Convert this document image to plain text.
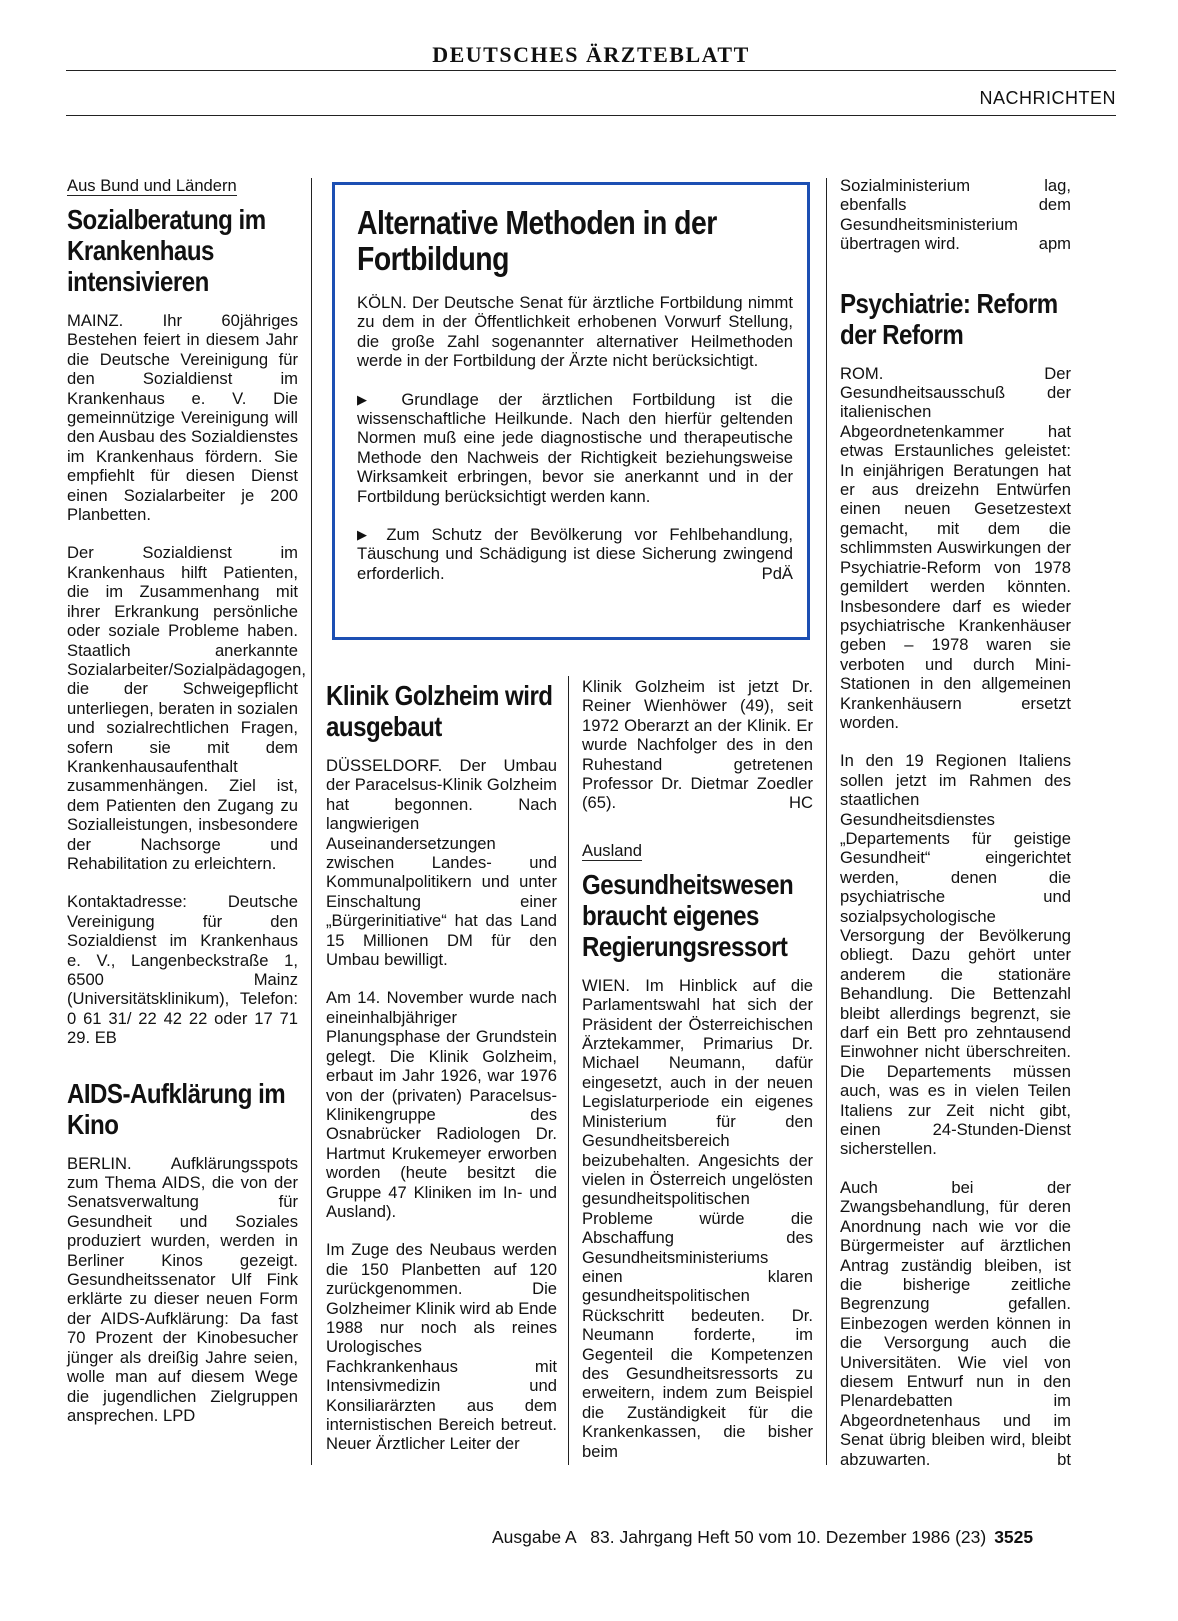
DEUTSCHES ÄRZTEBLATT
NACHRICHTEN
Aus Bund und Ländern
Sozialberatung im Krankenhaus intensivieren

MAINZ. Ihr 60jähriges Bestehen feiert in diesem Jahr die Deutsche Vereinigung für den Sozialdienst im Krankenhaus e. V. Die gemeinnützige Vereinigung will den Ausbau des Sozialdienstes im Krankenhaus fördern. Sie empfiehlt für diesen Dienst einen Sozialarbeiter je 200 Planbetten.

Der Sozialdienst im Krankenhaus hilft Patienten, die im Zusammenhang mit ihrer Erkrankung persönliche oder soziale Probleme haben. Staatlich anerkannte Sozialarbeiter/Sozialpädagogen, die der Schweigepflicht unterliegen, beraten in sozialen und sozialrechtlichen Fragen, sofern sie mit dem Krankenhausaufenthalt zusammenhängen. Ziel ist, dem Patienten den Zugang zu Sozialleistungen, insbesondere der Nachsorge und Rehabilitation zu erleichtern.

Kontaktadresse: Deutsche Vereinigung für den Sozialdienst im Krankenhaus e. V., Langenbeckstraße 1, 6500 Mainz (Universitätsklinikum), Telefon: 0 61 31/ 22 42 22 oder 17 71 29. EB

AIDS-Aufklärung im Kino

BERLIN. Aufklärungsspots zum Thema AIDS, die von der Senatsverwaltung für Gesundheit und Soziales produziert wurden, werden in Berliner Kinos gezeigt. Gesundheitssenator Ulf Fink erklärte zu dieser neuen Form der AIDS-Aufklärung: Da fast 70 Prozent der Kinobesucher jünger als dreißig Jahre seien, wolle man auf diesem Wege die jugendlichen Zielgruppen ansprechen. LPD

Alternative Methoden in der Fortbildung

KÖLN. Der Deutsche Senat für ärztliche Fortbildung nimmt zu dem in der Öffentlichkeit erhobenen Vorwurf Stellung, die große Zahl sogenannter alternativer Heilmethoden werde in der Fortbildung der Ärzte nicht berücksichtigt.

▶ Grundlage der ärztlichen Fortbildung ist die wissenschaftliche Heilkunde. Nach den hierfür geltenden Normen muß eine jede diagnostische und therapeutische Methode den Nachweis der Richtigkeit beziehungsweise Wirksamkeit erbringen, bevor sie anerkannt und in der Fortbildung berücksichtigt werden kann.

▶ Zum Schutz der Bevölkerung vor Fehlbehandlung, Täuschung und Schädigung ist diese Sicherung zwingend erforderlich.	PdÄ

Klinik Golzheim wird ausgebaut

DÜSSELDORF. Der Umbau der Paracelsus-Klinik Golzheim hat begonnen. Nach langwierigen Auseinandersetzungen zwischen Landes- und Kommunalpolitikern und unter Einschaltung einer „Bürgerinitiative“ hat das Land 15 Millionen DM für den Umbau bewilligt.

Am 14. November wurde nach eineinhalbjähriger Planungsphase der Grundstein gelegt. Die Klinik Golzheim, erbaut im Jahr 1926, war 1976 von der (privaten) Paracelsus-Klinikengruppe des Osnabrücker Radiologen Dr. Hartmut Krukemeyer erworben worden (heute besitzt die Gruppe 47 Kliniken im In- und Ausland).

Im Zuge des Neubaus werden die 150 Planbetten auf 120 zurückgenommen. Die Golzheimer Klinik wird ab Ende 1988 nur noch als reines Urologisches Fachkrankenhaus mit Intensivmedizin und Konsiliarärzten aus dem internistischen Bereich betreut. Neuer Ärztlicher Leiter der

Klinik Golzheim ist jetzt Dr. Reiner Wienhöwer (49), seit 1972 Oberarzt an der Klinik. Er wurde Nachfolger des in den Ruhestand getretenen Professor Dr. Dietmar Zoedler (65).	HC

Ausland
Gesundheitswesen braucht eigenes Regierungsressort

WIEN. Im Hinblick auf die Parlamentswahl hat sich der Präsident der Österreichischen Ärztekammer, Primarius Dr. Michael Neumann, dafür eingesetzt, auch in der neuen Legislaturperiode ein eigenes Ministerium für den Gesundheitsbereich beizubehalten. Angesichts der vielen in Österreich ungelösten gesundheitspolitischen Probleme würde die Abschaffung des Gesundheitsministeriums einen klaren gesundheitspolitischen Rückschritt bedeuten. Dr. Neumann forderte, im Gegenteil die Kompetenzen des Gesundheitsressorts zu erweitern, indem zum Beispiel die Zuständigkeit für die Krankenkassen, die bisher beim

Sozialministerium lag, ebenfalls dem Gesundheitsministerium übertragen wird.	apm

Psychiatrie: Reform der Reform

ROM. Der Gesundheitsausschuß der italienischen Abgeordnetenkammer hat etwas Erstaunliches geleistet: In einjährigen Beratungen hat er aus dreizehn Entwürfen einen neuen Gesetzestext gemacht, mit dem die schlimmsten Auswirkungen der Psychiatrie-Reform von 1978 gemildert werden könnten. Insbesondere darf es wieder psychiatrische Krankenhäuser geben – 1978 waren sie verboten und durch Mini-Stationen in den allgemeinen Krankenhäusern ersetzt worden.

In den 19 Regionen Italiens sollen jetzt im Rahmen des staatlichen Gesundheitsdienstes „Departements für geistige Gesundheit“ eingerichtet werden, denen die psychiatrische und sozialpsychologische Versorgung der Bevölkerung obliegt. Dazu gehört unter anderem die stationäre Behandlung. Die Bettenzahl bleibt allerdings begrenzt, sie darf ein Bett pro zehntausend Einwohner nicht überschreiten. Die Departements müssen auch, was es in vielen Teilen Italiens zur Zeit nicht gibt, einen 24-Stunden-Dienst sicherstellen.

Auch bei der Zwangsbehandlung, für deren Anordnung nach wie vor die Bürgermeister auf ärztlichen Antrag zuständig bleiben, ist die bisherige zeitliche Begrenzung gefallen. Einbezogen werden können in die Versorgung auch die Universitäten. Wie viel von diesem Entwurf nun in den Plenardebatten im Abgeordnetenhaus und im Senat übrig bleiben wird, bleibt abzuwarten.	bt

Ausgabe A   83. Jahrgang Heft 50 vom 10. Dezember 1986 (23) 3525
